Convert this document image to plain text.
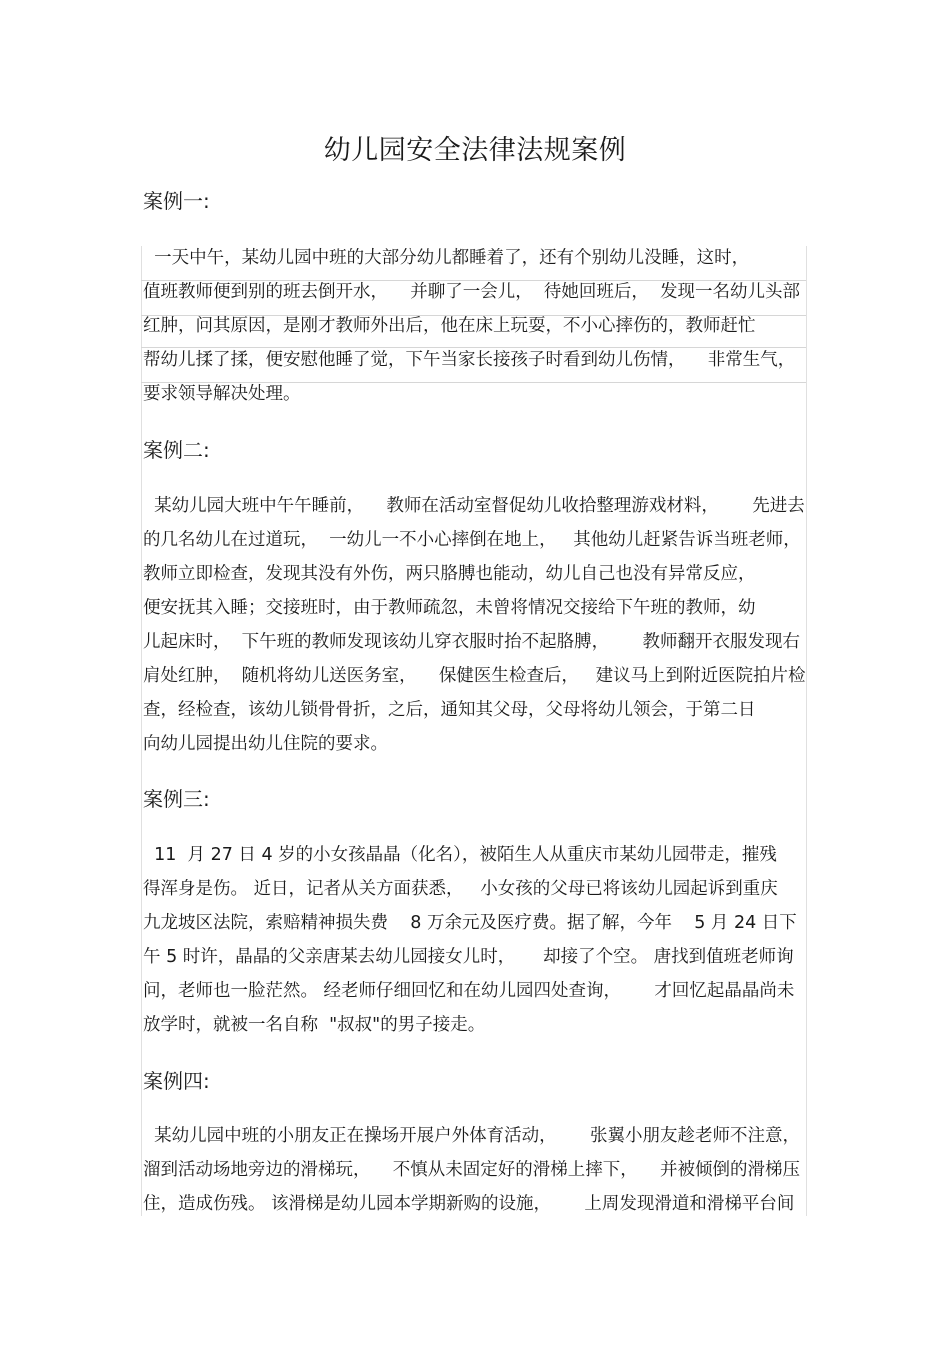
幼儿园安全法律法规案例
案例一:
一天中午，某幼儿园中班的大部分幼儿都睡着了，还有个别幼儿没睡，这时，
值班教师便到别的班去倒开水，    并聊了一会儿，  待她回班后，  发现一名幼儿头部
红肿，问其原因，是刚才教师外出后，他在床上玩耍，不小心摔伤的，教师赶忙
帮幼儿揉了揉，便安慰他睡了觉，下午当家长接孩子时看到幼儿伤情，    非常生气，
要求领导解决处理。
案例二:
某幼儿园大班中午午睡前，    教师在活动室督促幼儿收拾整理游戏材料，      先进去
的几名幼儿在过道玩，  一幼儿一不小心摔倒在地上，   其他幼儿赶紧告诉当班老师，
教师立即检查，发现其没有外伤，两只胳膊也能动，幼儿自己也没有异常反应，
便安抚其入睡；交接班时，由于教师疏忽，未曾将情况交接给下午班的教师，幼
儿起床时，  下午班的教师发现该幼儿穿衣服时抬不起胳膊，      教师翻开衣服发现右
肩处红肿，  随机将幼儿送医务室，    保健医生检查后，   建议马上到附近医院拍片检
查，经检查，该幼儿锁骨骨折，之后，通知其父母，父母将幼儿领会，于第二日
向幼儿园提出幼儿住院的要求。
案例三:
11  月 27 日 4 岁的小女孩晶晶（化名），被陌生人从重庆市某幼儿园带走，摧残
得浑身是伤。 近日，记者从关方面获悉，   小女孩的父母已将该幼儿园起诉到重庆
九龙坡区法院，索赔精神损失费    8 万余元及医疗费。据了解，今年    5 月 24 日下
午 5 时许，晶晶的父亲唐某去幼儿园接女儿时，     却接了个空。 唐找到值班老师询
问，老师也一脸茫然。 经老师仔细回忆和在幼儿园四处查询，      才回忆起晶晶尚未
放学时，就被一名自称  "叔叔"的男子接走。
案例四:
某幼儿园中班的小朋友正在操场开展户外体育活动，      张翼小朋友趁老师不注意，
溜到活动场地旁边的滑梯玩，    不慎从未固定好的滑梯上摔下，    并被倾倒的滑梯压
住，造成伤残。 该滑梯是幼儿园本学期新购的设施，      上周发现滑道和滑梯平台间
